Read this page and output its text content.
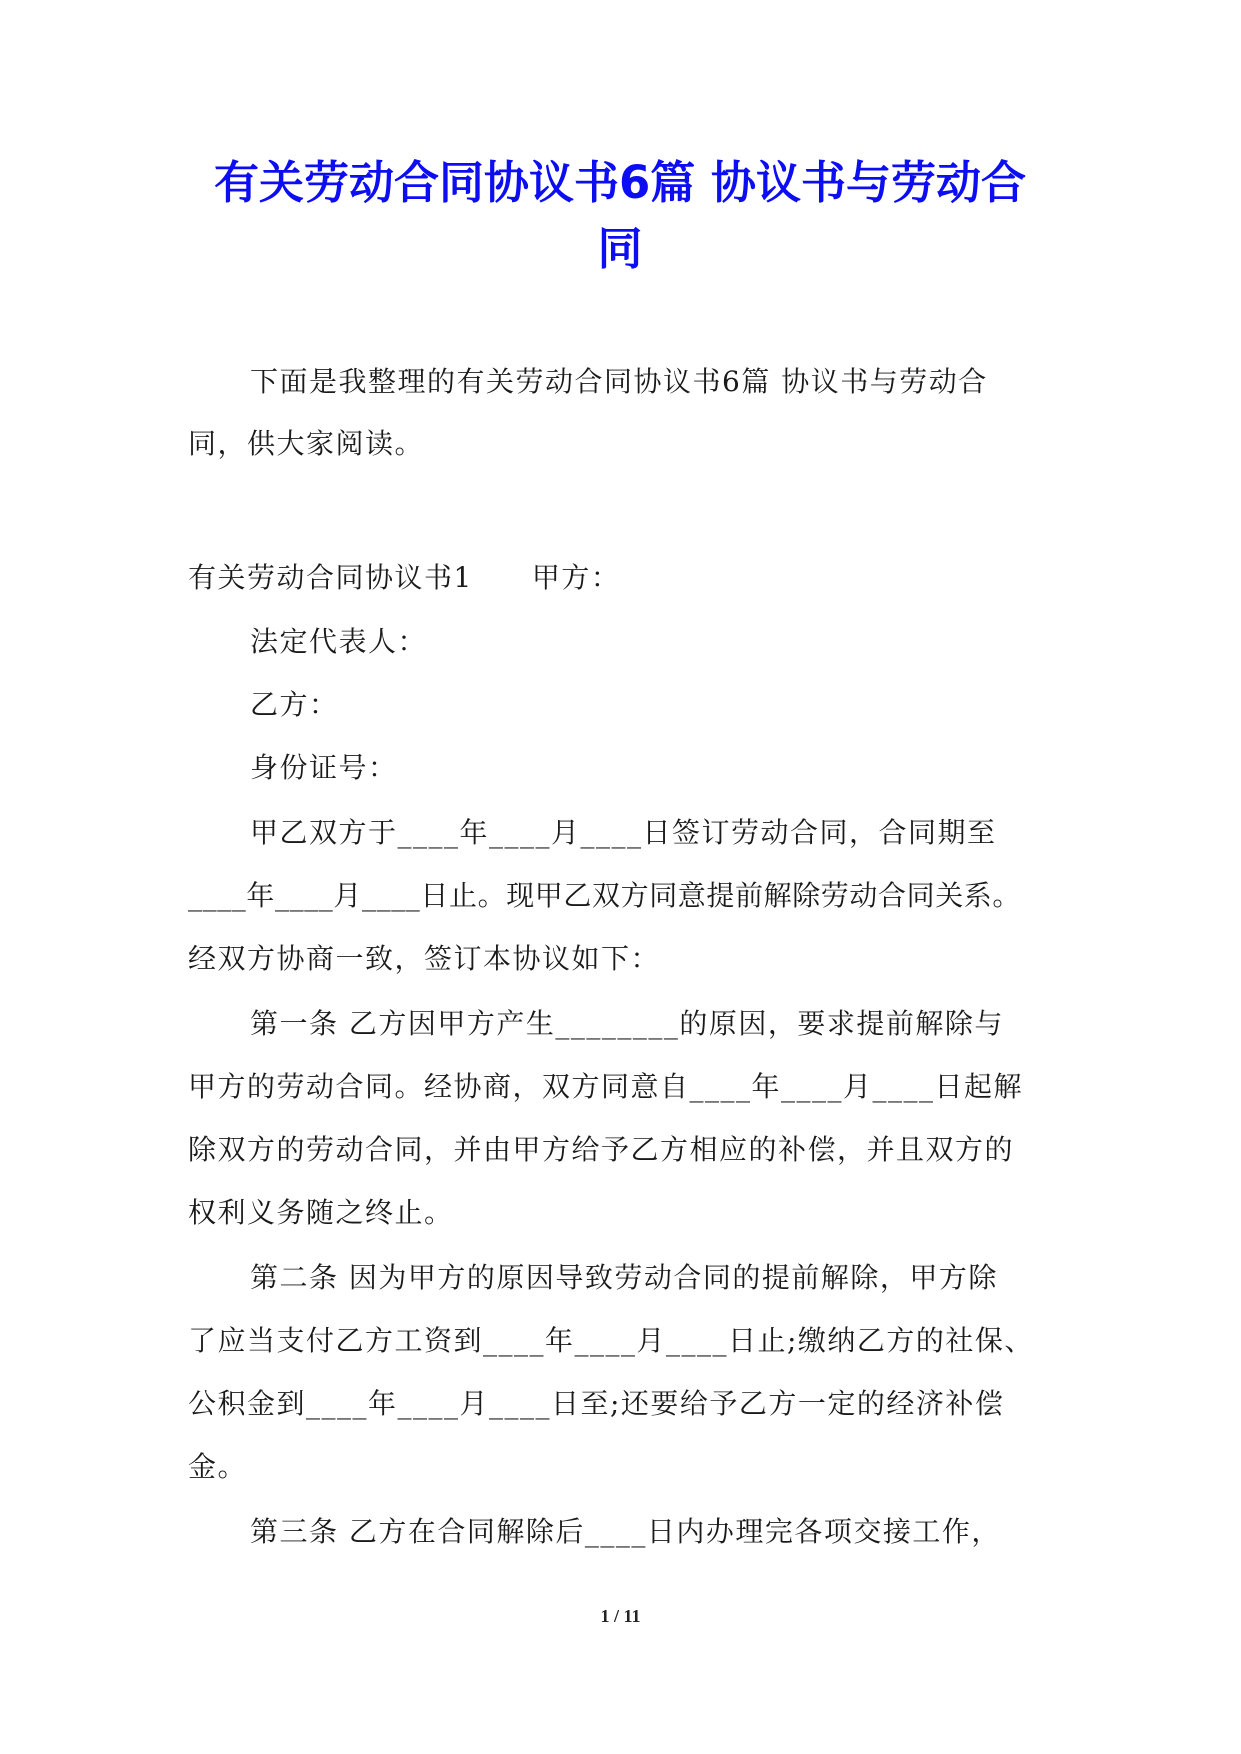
有关劳动合同协议书6篇 协议书与劳动合
同

下面是我整理的有关劳动合同协议书6篇 协议书与劳动合

同，供大家阅读。

有关劳动合同协议书1　　甲方：

法定代表人：

乙方：

身份证号：

甲乙双方于____年____月____日签订劳动合同，合同期至

____年____月____日止。现甲乙双方同意提前解除劳动合同关系。

经双方协商一致，签订本协议如下：

第一条 乙方因甲方产生________的原因，要求提前解除与

甲方的劳动合同。经协商，双方同意自____年____月____日起解

除双方的劳动合同，并由甲方给予乙方相应的补偿，并且双方的

权利义务随之终止。

第二条 因为甲方的原因导致劳动合同的提前解除，甲方除

了应当支付乙方工资到____年____月____日止;缴纳乙方的社保、

公积金到____年____月____日至;还要给予乙方一定的经济补偿

金。

第三条 乙方在合同解除后____日内办理完各项交接工作，

1 / 11
